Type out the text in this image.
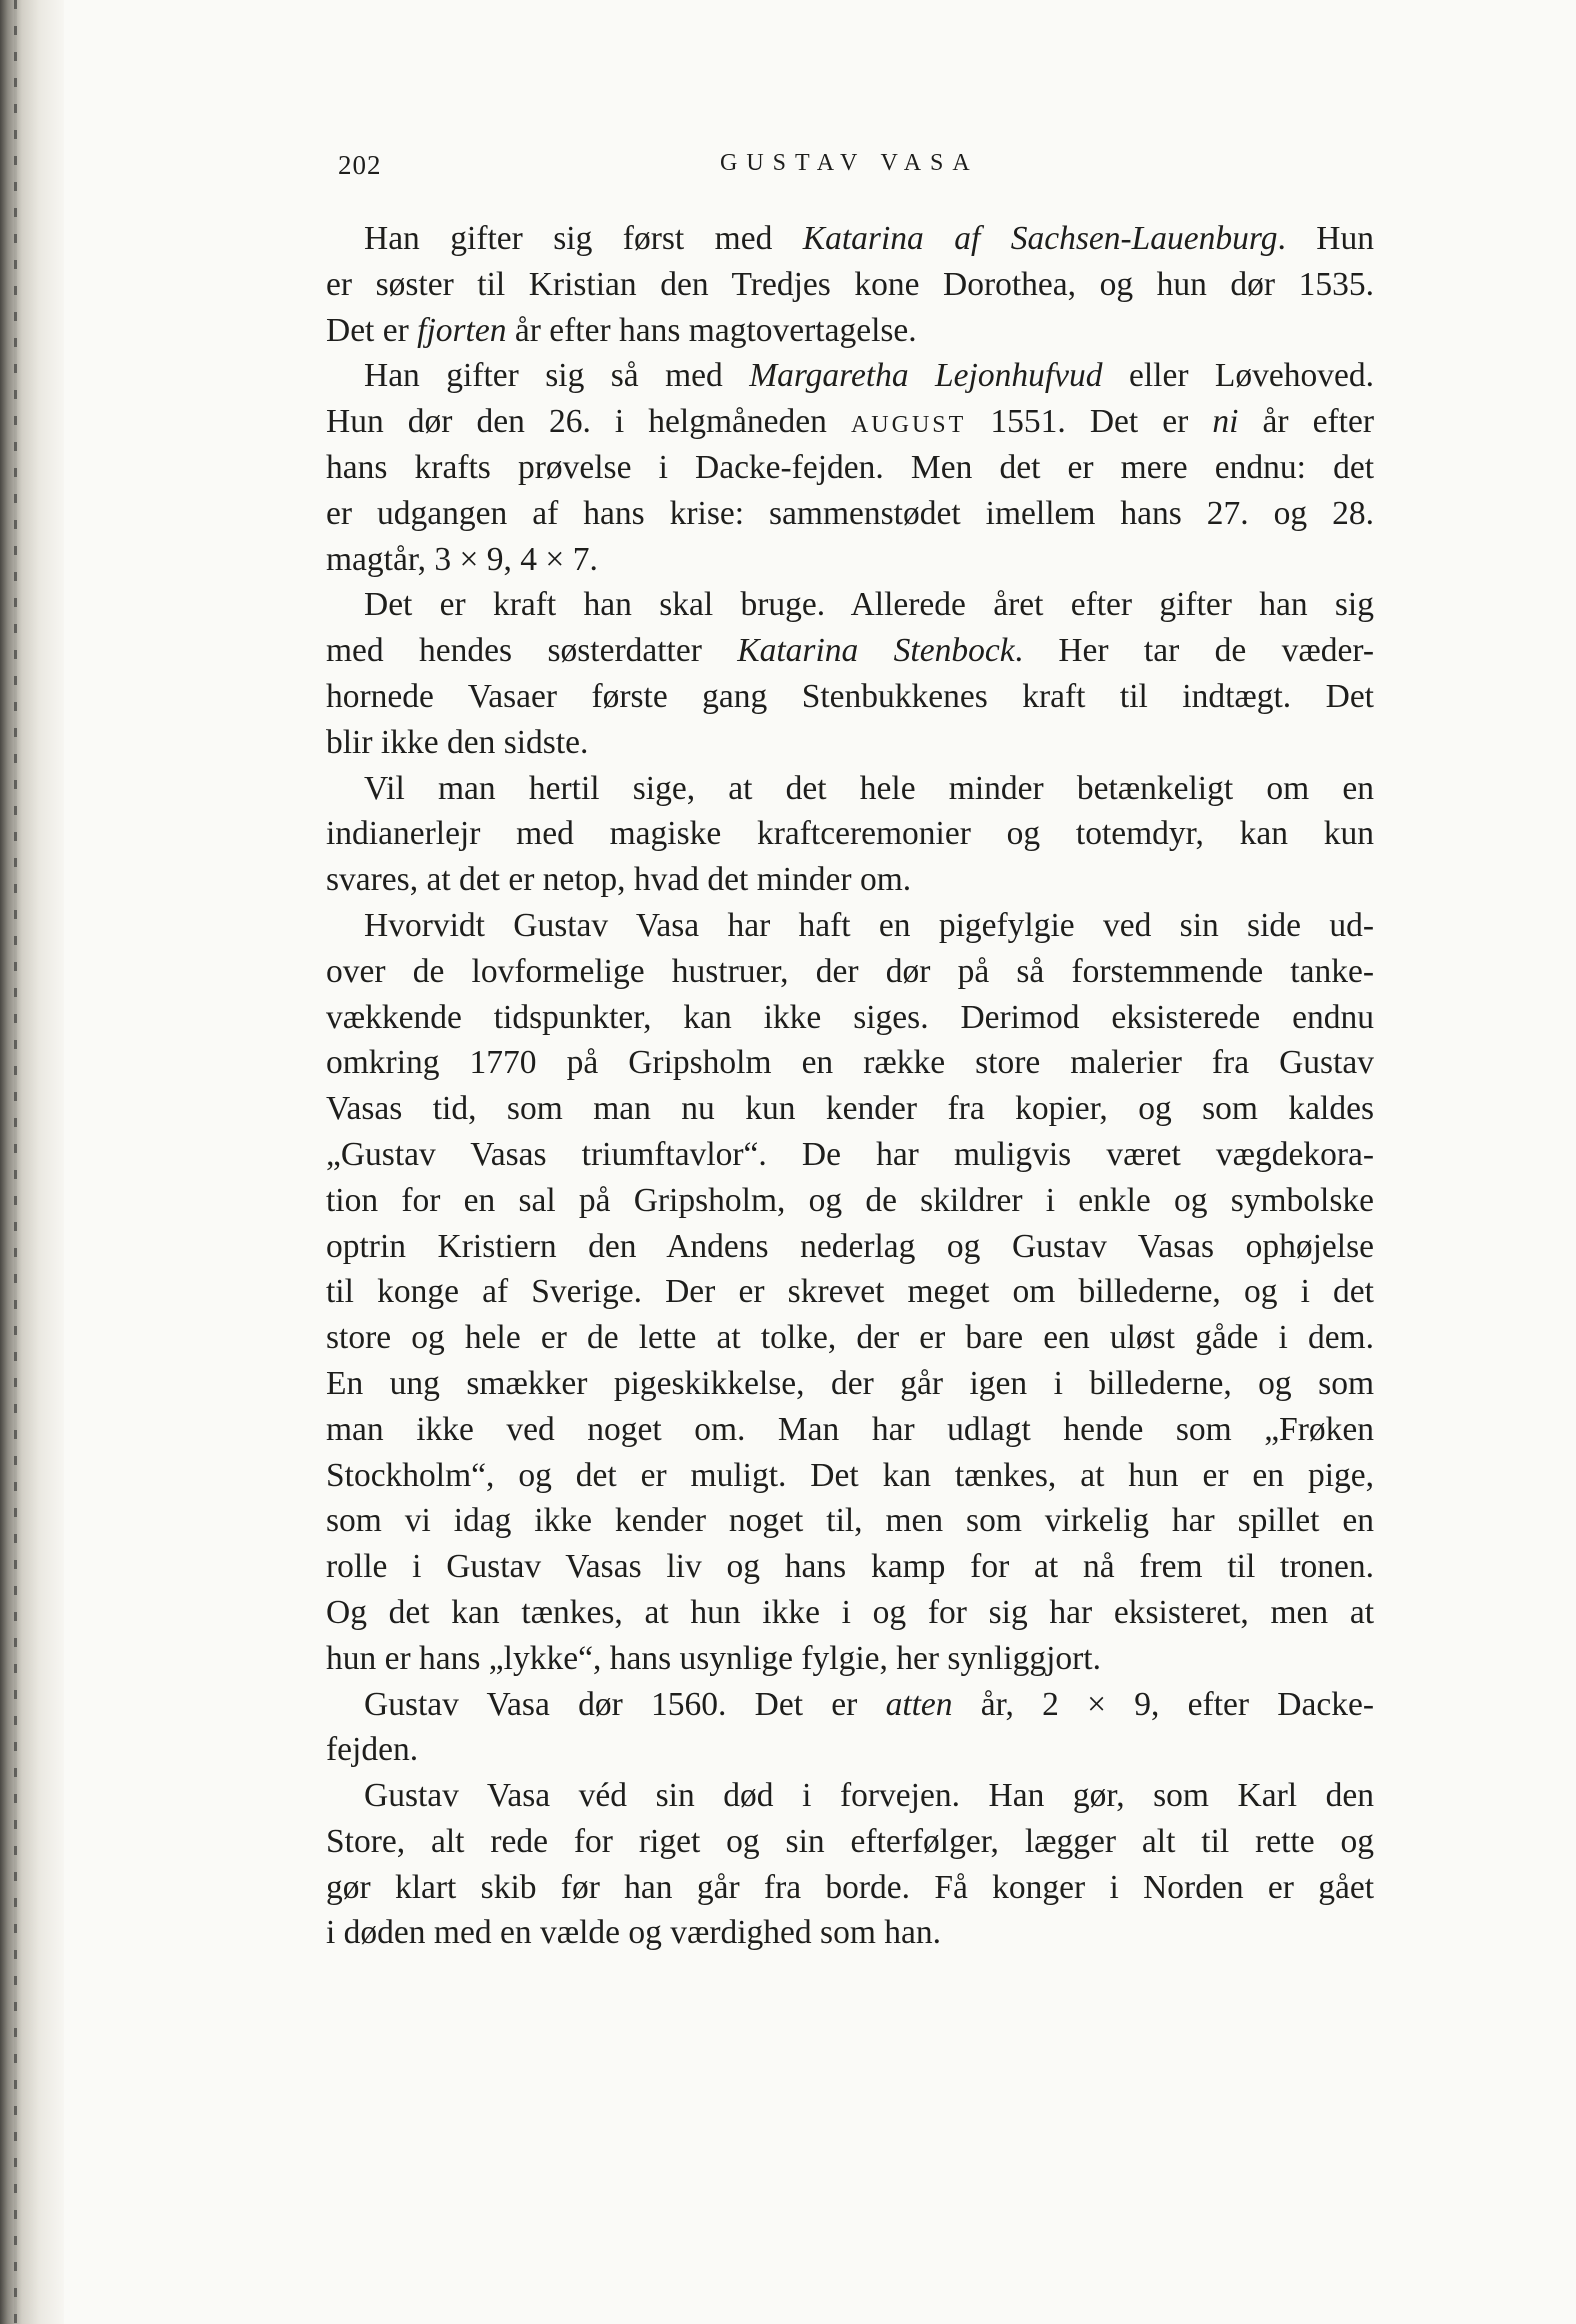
202	GUSTAV VASA
Han gifter sig først med Katarina af Sachsen-Lauenburg. Hun
er søster til Kristian den Tredjes kone Dorothea, og hun dør 1535.
Det er fjorten år efter hans magtovertagelse.
Han gifter sig så med Margaretha Lejonhufvud eller Løvehoved.
Hun dør den 26. i helgmåneden AUGUST 1551. Det er ni år efter
hans krafts prøvelse i Dacke-fejden. Men det er mere endnu: det
er udgangen af hans krise: sammenstødet imellem hans 27. og 28.
magtår, 3 × 9, 4 × 7.
Det er kraft han skal bruge. Allerede året efter gifter han sig
med hendes søsterdatter Katarina Stenbock. Her tar de væder-
hornede Vasaer første gang Stenbukkenes kraft til indtægt. Det
blir ikke den sidste.
Vil man hertil sige, at det hele minder betænkeligt om en
indianerlejr med magiske kraftceremonier og totemdyr, kan kun
svares, at det er netop, hvad det minder om.
Hvorvidt Gustav Vasa har haft en pigefylgie ved sin side ud-
over de lovformelige hustruer, der dør på så forstemmende tanke-
vækkende tidspunkter, kan ikke siges. Derimod eksisterede endnu
omkring 1770 på Gripsholm en række store malerier fra Gustav
Vasas tid, som man nu kun kender fra kopier, og som kaldes
„Gustav Vasas triumftavlor“. De har muligvis været vægdekora-
tion for en sal på Gripsholm, og de skildrer i enkle og symbolske
optrin Kristiern den Andens nederlag og Gustav Vasas ophøjelse
til konge af Sverige. Der er skrevet meget om billederne, og i det
store og hele er de lette at tolke, der er bare een uløst gåde i dem.
En ung smækker pigeskikkelse, der går igen i billederne, og som
man ikke ved noget om. Man har udlagt hende som „Frøken
Stockholm“, og det er muligt. Det kan tænkes, at hun er en pige,
som vi idag ikke kender noget til, men som virkelig har spillet en
rolle i Gustav Vasas liv og hans kamp for at nå frem til tronen.
Og det kan tænkes, at hun ikke i og for sig har eksisteret, men at
hun er hans „lykke“, hans usynlige fylgie, her synliggjort.
Gustav Vasa dør 1560. Det er atten år, 2 × 9, efter Dacke-
fejden.
Gustav Vasa véd sin død i forvejen. Han gør, som Karl den
Store, alt rede for riget og sin efterfølger, lægger alt til rette og
gør klart skib før han går fra borde. Få konger i Norden er gået
i døden med en vælde og værdighed som han.
